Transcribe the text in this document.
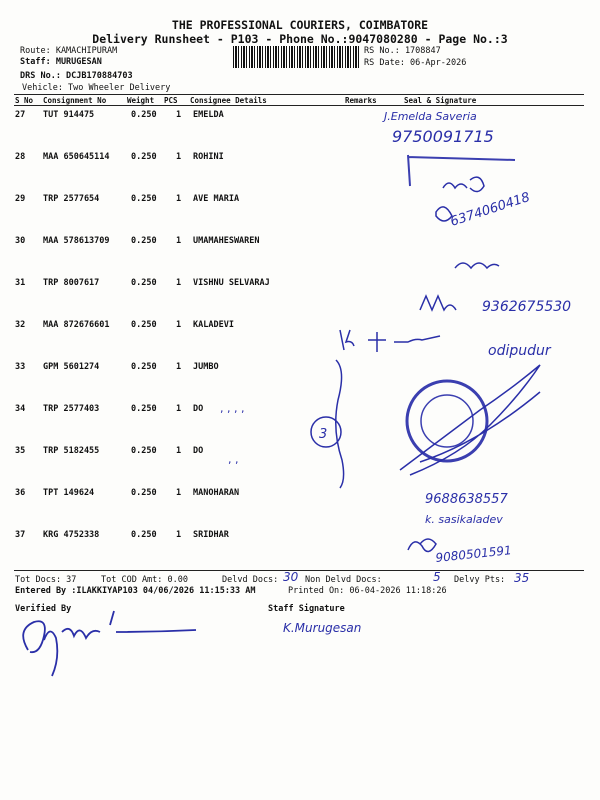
THE PROFESSIONAL COURIERS, COIMBATORE
Delivery Runsheet - P103 - Phone No.:9047080280 - Page No.:3
Route: KAMACHIPURAM
Staff: MURUGESAN
DRS No.: DCJB170884703
Vehicle: Two Wheeler Delivery
RS No.: 1708847
RS Date: 06-Apr-2026
S No Consignment No	Weight PCS Consignee Details	Remarks	Seal & Signature
27 TUT 914475	0.250 1 EMELDA
28 MAA 650645114	0.250 1 ROHINI
29 TRP 2577654	0.250 1 AVE MARIA
30 MAA 578613709	0.250 1 UMAMAHESWAREN
31 TRP 8007617	0.250 1 VISHNU SELVARAJ
32 MAA 872676601	0.250 1 KALADEVI
33 GPM 5601274	0.250 1 JUMBO
34 TRP 2577403	0.250 1 DO
35 TRP 5182455	0.250 1 DO
36 TPT 149624	0.250 1 MANOHARAN
37 KRG 4752338	0.250 1 SRIDHAR
J.Emelda Saveria
9750091715
6374060418
9362675530
odipudur
3
, , , ,
, ,
9688638557
k. sasikaladev
9080501591
30	5	35
K.Murugesan
Tot Docs: 37	Tot COD Amt: 0.00	Delvd Docs:	Non Delvd Docs:	Delvy Pts:
Entered By :ILAKKIYAP103 04/06/2026 11:15:33 AM	Printed On: 06-04-2026 11:18:26
Verified By	Staff Signature
